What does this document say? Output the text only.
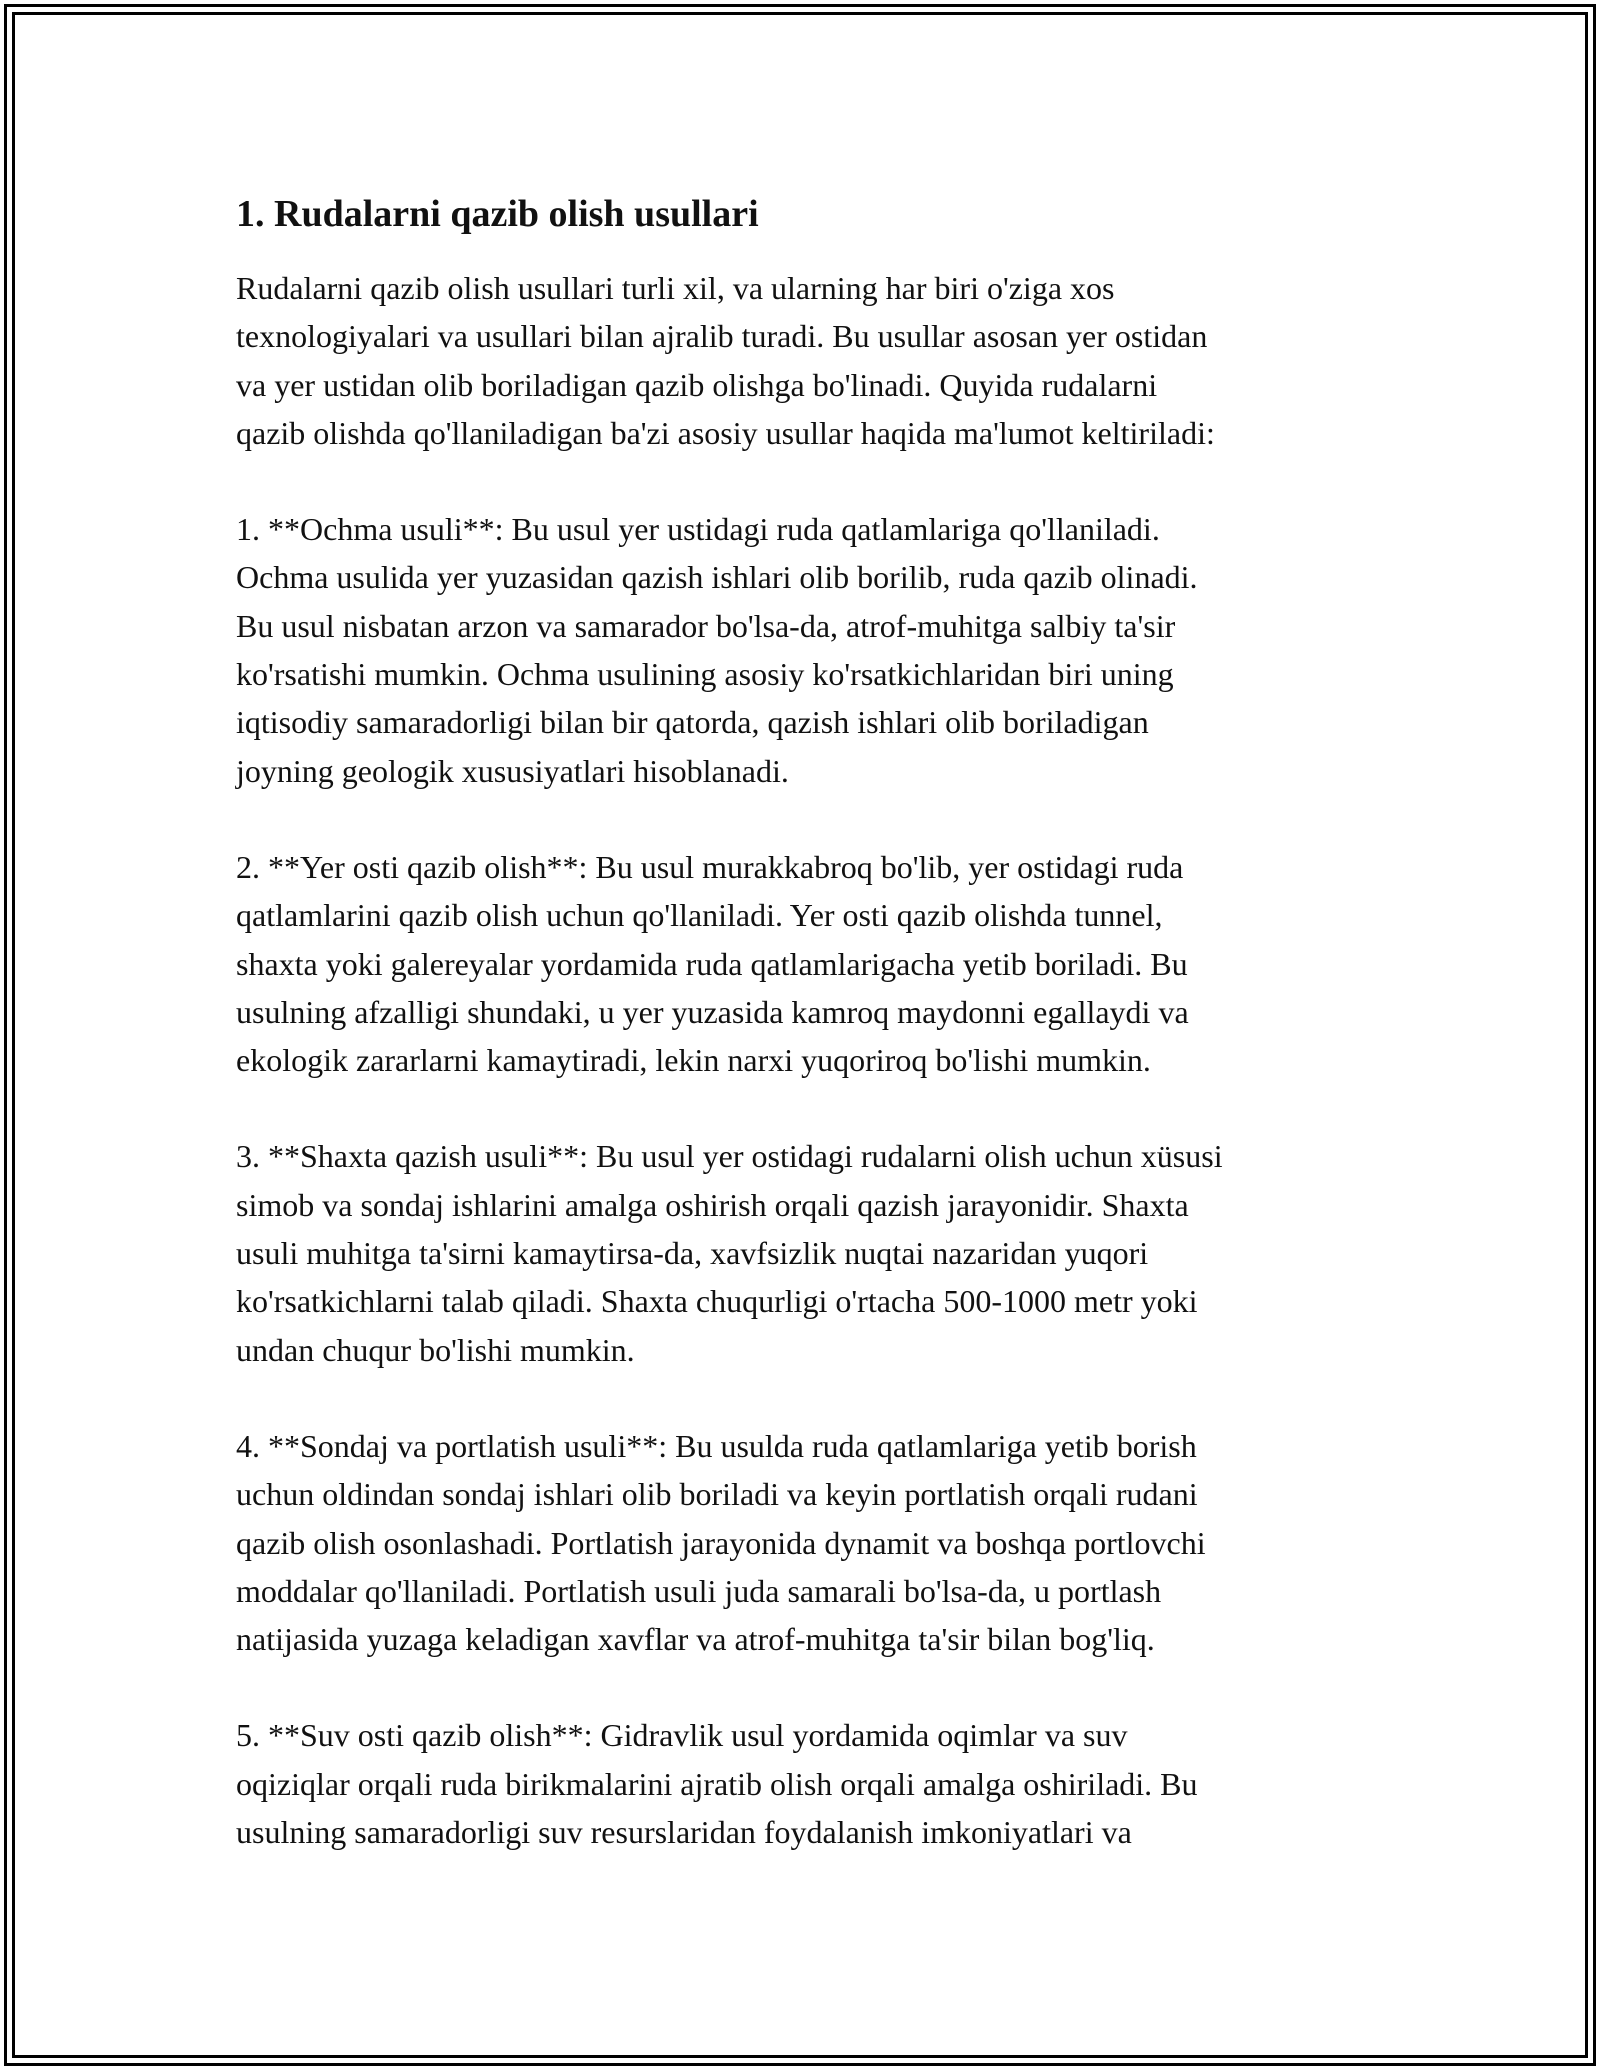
1. Rudalarni qazib olish usullari
Rudalarni qazib olish usullari turli xil, va ularning har biri o'ziga xos
texnologiyalari va usullari bilan ajralib turadi. Bu usullar asosan yer ostidan
va yer ustidan olib boriladigan qazib olishga bo'linadi. Quyida rudalarni
qazib olishda qo'llaniladigan ba'zi asosiy usullar haqida ma'lumot keltiriladi:
1. **Ochma usuli**: Bu usul yer ustidagi ruda qatlamlariga qo'llaniladi.
Ochma usulida yer yuzasidan qazish ishlari olib borilib, ruda qazib olinadi.
Bu usul nisbatan arzon va samarador bo'lsa-da, atrof-muhitga salbiy ta'sir
ko'rsatishi mumkin. Ochma usulining asosiy ko'rsatkichlaridan biri uning
iqtisodiy samaradorligi bilan bir qatorda, qazish ishlari olib boriladigan
joyning geologik xususiyatlari hisoblanadi.
2. **Yer osti qazib olish**: Bu usul murakkabroq bo'lib, yer ostidagi ruda
qatlamlarini qazib olish uchun qo'llaniladi. Yer osti qazib olishda tunnel,
shaxta yoki galereyalar yordamida ruda qatlamlarigacha yetib boriladi. Bu
usulning afzalligi shundaki, u yer yuzasida kamroq maydonni egallaydi va
ekologik zararlarni kamaytiradi, lekin narxi yuqoriroq bo'lishi mumkin.
3. **Shaxta qazish usuli**: Bu usul yer ostidagi rudalarni olish uchun xüsusi
simob va sondaj ishlarini amalga oshirish orqali qazish jarayonidir. Shaxta
usuli muhitga ta'sirni kamaytirsa-da, xavfsizlik nuqtai nazaridan yuqori
ko'rsatkichlarni talab qiladi. Shaxta chuqurligi o'rtacha 500-1000 metr yoki
undan chuqur bo'lishi mumkin.
4. **Sondaj va portlatish usuli**: Bu usulda ruda qatlamlariga yetib borish
uchun oldindan sondaj ishlari olib boriladi va keyin portlatish orqali rudani
qazib olish osonlashadi. Portlatish jarayonida dynamit va boshqa portlovchi
moddalar qo'llaniladi. Portlatish usuli juda samarali bo'lsa-da, u portlash
natijasida yuzaga keladigan xavflar va atrof-muhitga ta'sir bilan bog'liq.
5. **Suv osti qazib olish**: Gidravlik usul yordamida oqimlar va suv
oqiziqlar orqali ruda birikmalarini ajratib olish orqali amalga oshiriladi. Bu
usulning samaradorligi suv resurslaridan foydalanish imkoniyatlari va
